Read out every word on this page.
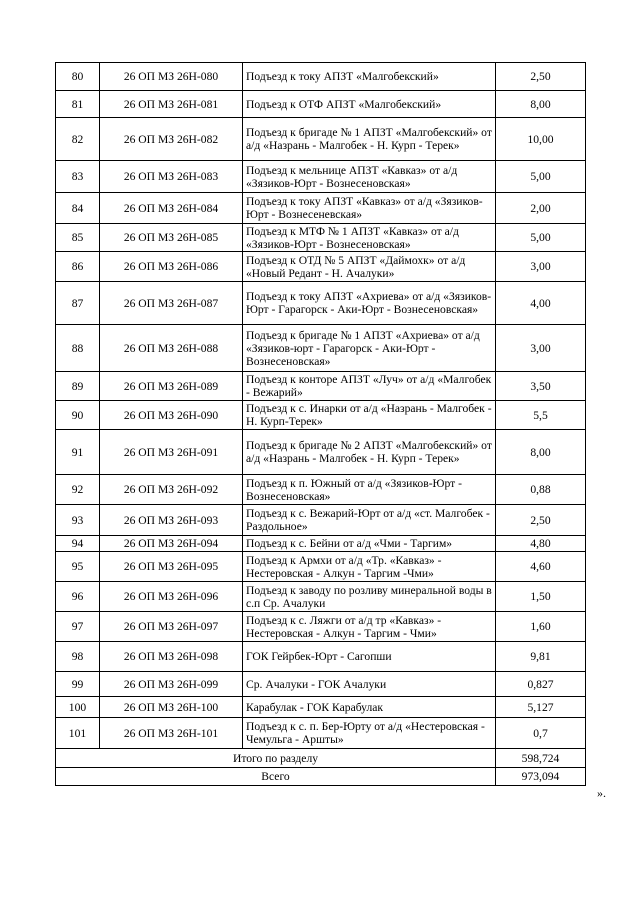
80	26 ОП МЗ 26Н-080	Подъезд к току АПЗТ «Малгобекский»	2,50
81	26 ОП МЗ 26Н-081	Подъезд к ОТФ АПЗТ «Малгобекский»	8,00
82	26 ОП МЗ 26Н-082	Подъезд к бригаде № 1 АПЗТ «Малгобекский» от а/д «Назрань - Малгобек - Н. Курп - Терек»	10,00
83	26 ОП МЗ 26Н-083	Подъезд к мельнице АПЗТ «Кавказ» от а/д «Зязиков-Юрт - Вознесеновская»	5,00
84	26 ОП МЗ 26Н-084	Подъезд к току АПЗТ «Кавказ» от а/д «Зязиков-Юрт - Вознесеневская»	2,00
85	26 ОП МЗ 26Н-085	Подъезд к МТФ № 1 АПЗТ «Кавказ» от а/д «Зязиков-Юрт - Вознесеновская»	5,00
86	26 ОП МЗ 26Н-086	Подъезд к ОТД № 5 АПЗТ «Даймохк» от а/д «Новый Редант - Н. Ачалуки»	3,00
87	26 ОП МЗ 26Н-087	Подъезд к току АПЗТ «Ахриева» от а/д «Зязиков-Юрт - Гарагорск - Аки-Юрт - Вознесеновская»	4,00
88	26 ОП МЗ 26Н-088	Подъезд к бригаде № 1 АПЗТ «Ахриева» от а/д «Зязиков-юрт - Гарагорск - Аки-Юрт - Вознесеновская»	3,00
89	26 ОП МЗ 26Н-089	Подъезд к конторе АПЗТ «Луч» от а/д «Малгобек - Вежарий»	3,50
90	26 ОП МЗ 26Н-090	Подъезд к с. Инарки от а/д «Назрань - Малгобек - Н. Курп-Терек»	5,5
91	26 ОП МЗ 26Н-091	Подъезд к бригаде № 2 АПЗТ «Малгобекский» от а/д «Назрань - Малгобек - Н. Курп - Терек»	8,00
92	26 ОП МЗ 26Н-092	Подъезд к п. Южный от а/д «Зязиков-Юрт - Вознесеновская»	0,88
93	26 ОП МЗ 26Н-093	Подъезд к с. Вежарий-Юрт от а/д «ст. Малгобек - Раздольное»	2,50
94	26 ОП МЗ 26Н-094	Подъезд к с. Бейни от а/д «Чми - Таргим»	4,80
95	26 ОП МЗ 26Н-095	Подъезд к Армхи от а/д «Тр. «Кавказ» - Нестеровская - Алкун - Таргим -Чми»	4,60
96	26 ОП МЗ 26Н-096	Подъезд к заводу по розливу минеральной воды в с.п Ср. Ачалуки	1,50
97	26 ОП МЗ 26Н-097	Подъезд к с. Ляжги от а/д тр «Кавказ» - Нестеровская - Алкун - Таргим - Чми»	1,60
98	26 ОП МЗ 26Н-098	ГОК Гейрбек-Юрт - Сагопши	9,81
99	26 ОП МЗ 26Н-099	Ср. Ачалуки - ГОК Ачалуки	0,827
100	26 ОП МЗ 26Н-100	Карабулак - ГОК Карабулак	5,127
101	26 ОП МЗ 26Н-101	Подъезд к с. п. Бер-Юрту от а/д «Нестеровская - Чемульга - Аршты»	0,7
Итого по разделу			598,724
Всего			973,094
».
